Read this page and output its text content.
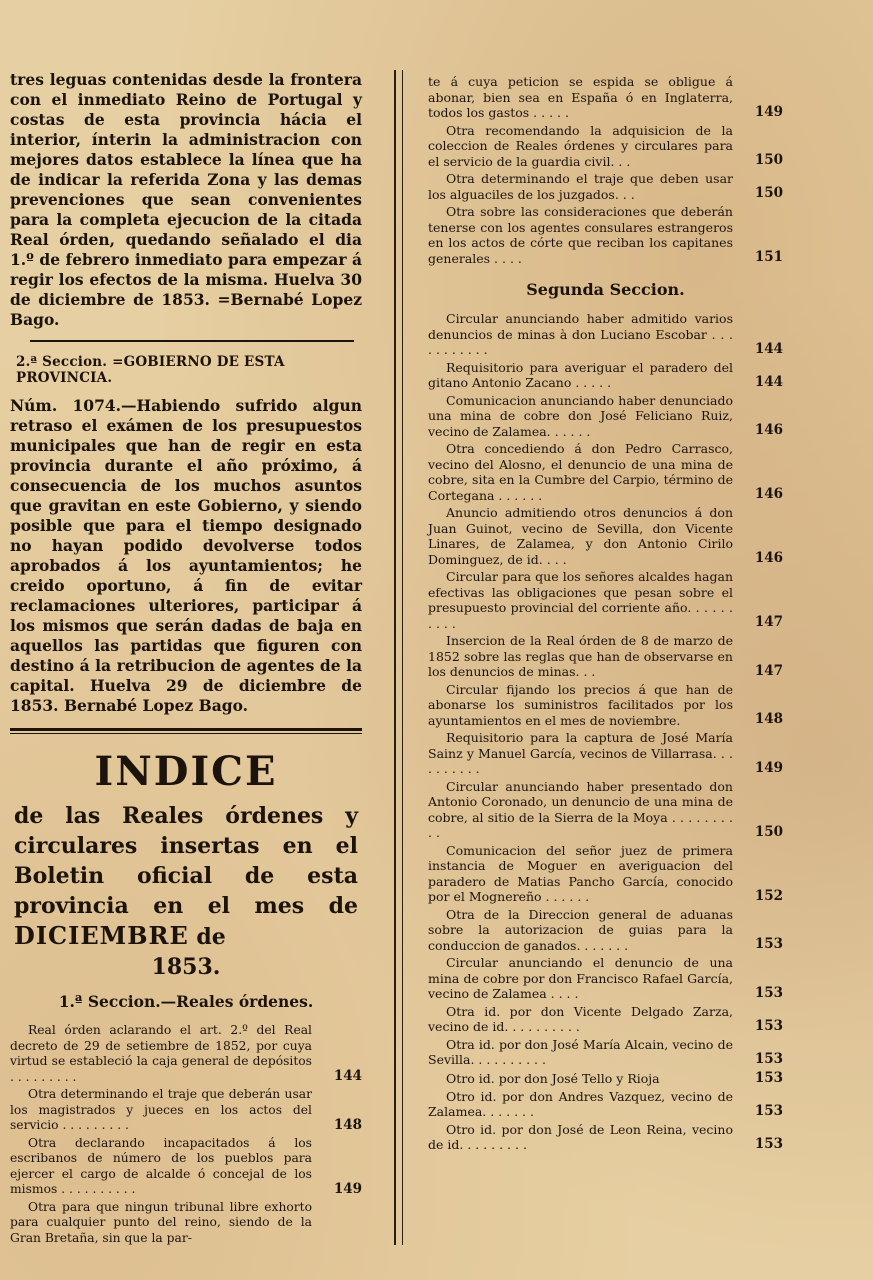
tres leguas contenidas desde la frontera con el inmediato Reino de Portugal y costas de esta provincia hácia el interior, ínterin la administracion con mejores datos establece la línea que ha de indicar la referida Zona y las demas prevenciones que sean convenientes para la completa ejecucion de la citada Real órden, quedando señalado el dia 1.º de febrero inmediato para empezar á regir los efectos de la misma. Huelva 30 de diciembre de 1853. =Bernabé Lopez Bago.

2.ª Seccion. =GOBIERNO DE ESTA PROVINCIA.

Núm. 1074.—Habiendo sufrido algun retraso el exámen de los presupuestos municipales que han de regir en esta provincia durante el año próximo, á consecuencia de los muchos asuntos que gravitan en este Gobierno, y siendo posible que para el tiempo designado no hayan podido devolverse todos aprobados á los ayuntamientos; he creido oportuno, á fin de evitar reclamaciones ulteriores, participar á los mismos que serán dadas de baja en aquellos las partidas que figuren con destino á la retribucion de agentes de la capital. Huelva 29 de diciembre de 1853. Bernabé Lopez Bago.

INDICE
de las Reales órdenes y circulares insertas en el Boletin oficial de esta provincia en el mes de DICIEMBRE de
1853.
1.ª Seccion.—Reales órdenes.
Real órden aclarando el art. 2.º del Real decreto de 29 de setiembre de 1852, por cuya virtud se estableció la caja general de depósitos . . . . . . . . .	144
Otra determinando el traje que deberán usar los magistrados y jueces en los actos del servicio . . . . . . . . .	148
Otra declarando incapacitados á los escribanos de número de los pueblos para ejercer el cargo de alcalde ó concejal de los mismos . . . . . . . . . .	149
Otra para que ningun tribunal libre exhorto para cualquier punto del reino, siendo de la Gran Bretaña, sin que la par-
te á cuya peticion se espida se obligue á abonar, bien sea en España ó en Inglaterra, todos los gastos . . . . .	149
Otra recomendando la adquisicion de la coleccion de Reales órdenes y circulares para el servicio de la guardia civil. . .	150
Otra determinando el traje que deben usar los alguaciles de los juzgados. . .	150
Otra sobre las consideraciones que deberán tenerse con los agentes consulares estrangeros en los actos de córte que reciban los capitanes generales . . . .	151
Segunda Seccion.
Circular anunciando haber admitido varios denuncios de minas à don Luciano Escobar . . . . . . . . . . .	144
Requisitorio para averiguar el paradero del gitano Antonio Zacano . . . . .	144
Comunicacion anunciando haber denunciado una mina de cobre don José Feliciano Ruiz, vecino de Zalamea. . . . . .	146
Otra concediendo á don Pedro Carrasco, vecino del Alosno, el denuncio de una mina de cobre, sita en la Cumbre del Carpio, término de Cortegana . . . . . .	146
Anuncio admitiendo otros denuncios á don Juan Guinot, vecino de Sevilla, don Vicente Linares, de Zalamea, y don Antonio Cirilo Dominguez, de id. . . .	146
Circular para que los señores alcaldes hagan efectivas las obligaciones que pesan sobre el presupuesto provincial del corriente año. . . . . . . . . .	147
Insercion de la Real órden de 8 de marzo de 1852 sobre las reglas que han de observarse en los denuncios de minas. . .	147
Circular fijando los precios á que han de abonarse los suministros facilitados por los ayuntamientos en el mes de noviembre.	148
Requisitorio para la captura de José María Sainz y Manuel García, vecinos de Villarrasa. . . . . . . . . .	149
Circular anunciando haber presentado don Antonio Coronado, un denuncio de una mina de cobre, al sitio de la Sierra de la Moya . . . . . . . . . .	150
Comunicacion del señor juez de primera instancia de Moguer en averiguacion del paradero de Matias Pancho García, conocido por el Mognereño . . . . . .	152
Otra de la Direccion general de aduanas sobre la autorizacion de guias para la conduccion de ganados. . . . . . .	153
Circular anunciando el denuncio de una mina de cobre por don Francisco Rafael García, vecino de Zalamea . . . .	153
Otra id. por don Vicente Delgado Zarza, vecino de id. . . . . . . . . .	153
Otra id. por don José María Alcain, vecino de Sevilla. . . . . . . . . .	153
Otro id. por don José Tello y Rioja	153
Otro id. por don Andres Vazquez, vecino de Zalamea. . . . . . .	153
Otro id. por don José de Leon Reina, vecino de id. . . . . . . . .	153
